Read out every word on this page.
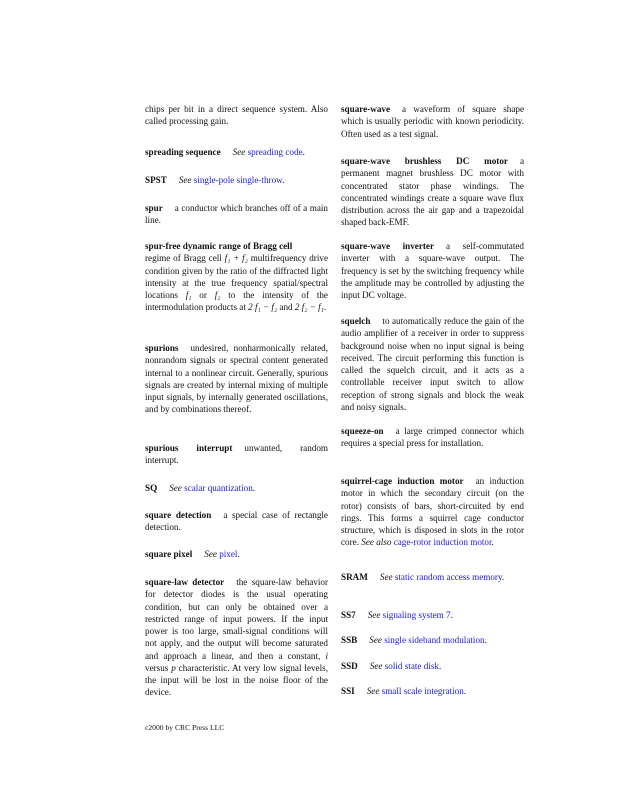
chips per bit in a direct sequence system. Also called processing gain.

spreading sequence See spreading code.

SPST See single-pole single-throw.

spur a conductor which branches off of a main line.

spur-free dynamic range of Bragg cell
regime of Bragg cell f₁ + f₂ multifrequency drive condition given by the ratio of the diffracted light intensity at the true frequency spatial/spectral locations f₁ or f₂ to the intensity of the intermodulation products at 2 f₁ − f₂ and 2 f₂ − f₁.

spurions undesired, nonharmonically related, nonrandom signals or spectral content generated internal to a nonlinear circuit. Generally, spurious signals are created by internal mixing of multiple input signals, by internally generated oscillations, and by combinations thereof.

spurious interrupt unwanted, random interrupt.

SQ See scalar quantization.

square detection a special case of rectangle detection.

square pixel See pixel.

square-law detector the square-law behavior for detector diodes is the usual operating condition, but can only be obtained over a restricted range of input powers. If the input power is too large, small-signal conditions will not apply, and the output will become saturated and approach a linear, and then a constant, i versus p characteristic. At very low signal levels, the input will be lost in the noise floor of the device.

square-wave a waveform of square shape which is usually periodic with known periodicity. Often used as a test signal.

square-wave brushless DC motor a permanent magnet brushless DC motor with concentrated stator phase windings. The concentrated windings create a square wave flux distribution across the air gap and a trapezoidal shaped back-EMF.

square-wave inverter a self-commutated inverter with a square-wave output. The frequency is set by the switching frequency while the amplitude may be controlled by adjusting the input DC voltage.

squelch to automatically reduce the gain of the audio amplifier of a receiver in order to suppress background noise when no input signal is being received. The circuit performing this function is called the squelch circuit, and it acts as a controllable receiver input switch to allow reception of strong signals and block the weak and noisy signals.

squeeze-on a large crimped connector which requires a special press for installation.

squirrel-cage induction motor an induction motor in which the secondary circuit (on the rotor) consists of bars, short-circuited by end rings. This forms a squirrel cage conductor structure, which is disposed in slots in the rotor core. See also cage-rotor induction motor.

SRAM See static random access memory.

SS7 See signaling system 7.

SSB See single sideband modulation.

SSD See solid state disk.

SSI See small scale integration.

c2000 by CRC Press LLC
